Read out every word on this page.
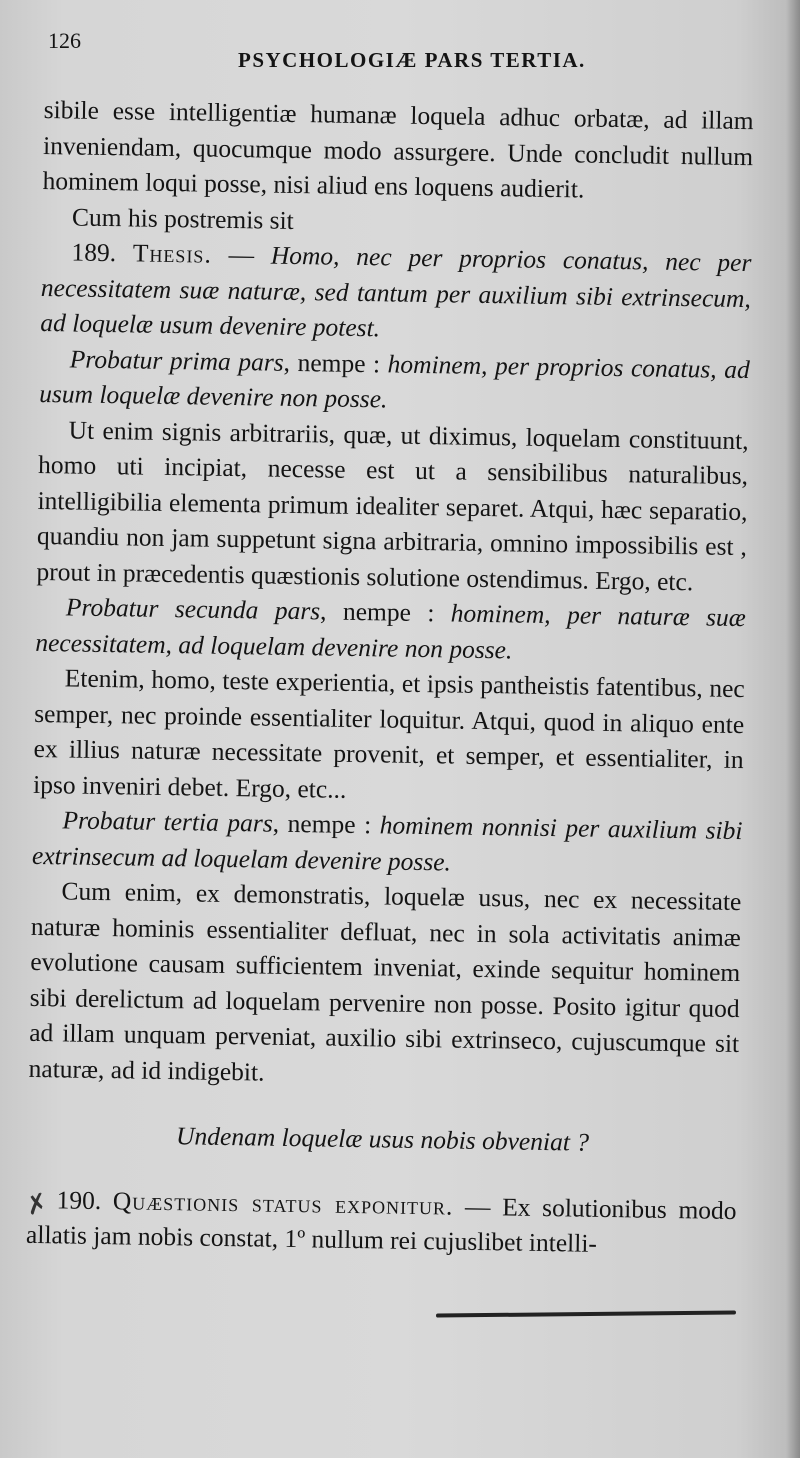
126
PSYCHOLOGIÆ PARS TERTIA.

sibile esse intelligentiæ humanæ loquela adhuc orbatæ, ad illam inveniendam, quocumque modo assurgere. Unde concludit nullum hominem loqui posse, nisi aliud ens loquens audierit.

Cum his postremis sit

189. Thesis. — Homo, nec per proprios conatus, nec per necessitatem suæ naturæ, sed tantum per auxilium sibi extrinsecum, ad loquelæ usum devenire potest.

Probatur prima pars, nempe : hominem, per proprios conatus, ad usum loquelæ devenire non posse.

Ut enim signis arbitrariis, quæ, ut diximus, loquelam constituunt, homo uti incipiat, necesse est ut a sensibilibus naturalibus, intelligibilia elementa primum idealiter separet. Atqui, hæc separatio, quandiu non jam suppetunt signa arbitraria, omnino impossibilis est , prout in præcedentis quæstionis solutione ostendimus. Ergo, etc.

Probatur secunda pars, nempe : hominem, per naturæ suæ necessitatem, ad loquelam devenire non posse.

Etenim, homo, teste experientia, et ipsis pantheistis fatentibus, nec semper, nec proinde essentialiter loquitur. Atqui, quod in aliquo ente ex illius naturæ necessitate provenit, et semper, et essentialiter, in ipso inveniri debet. Ergo, etc...

Probatur tertia pars, nempe : hominem nonnisi per auxilium sibi extrinsecum ad loquelam devenire posse.

Cum enim, ex demonstratis, loquelæ usus, nec ex necessitate naturæ hominis essentialiter defluat, nec in sola activitatis animæ evolutione causam sufficientem inveniat, exinde sequitur hominem sibi derelictum ad loquelam pervenire non posse. Posito igitur quod ad illam unquam perveniat, auxilio sibi extrinseco, cujuscumque sit naturæ, ad id indigebit.

Undenam loquelæ usus nobis obveniat ?

190. Quæstionis status exponitur. — Ex solutionibus modo allatis jam nobis constat, 1º nullum rei cujuslibet intelli-

✗
